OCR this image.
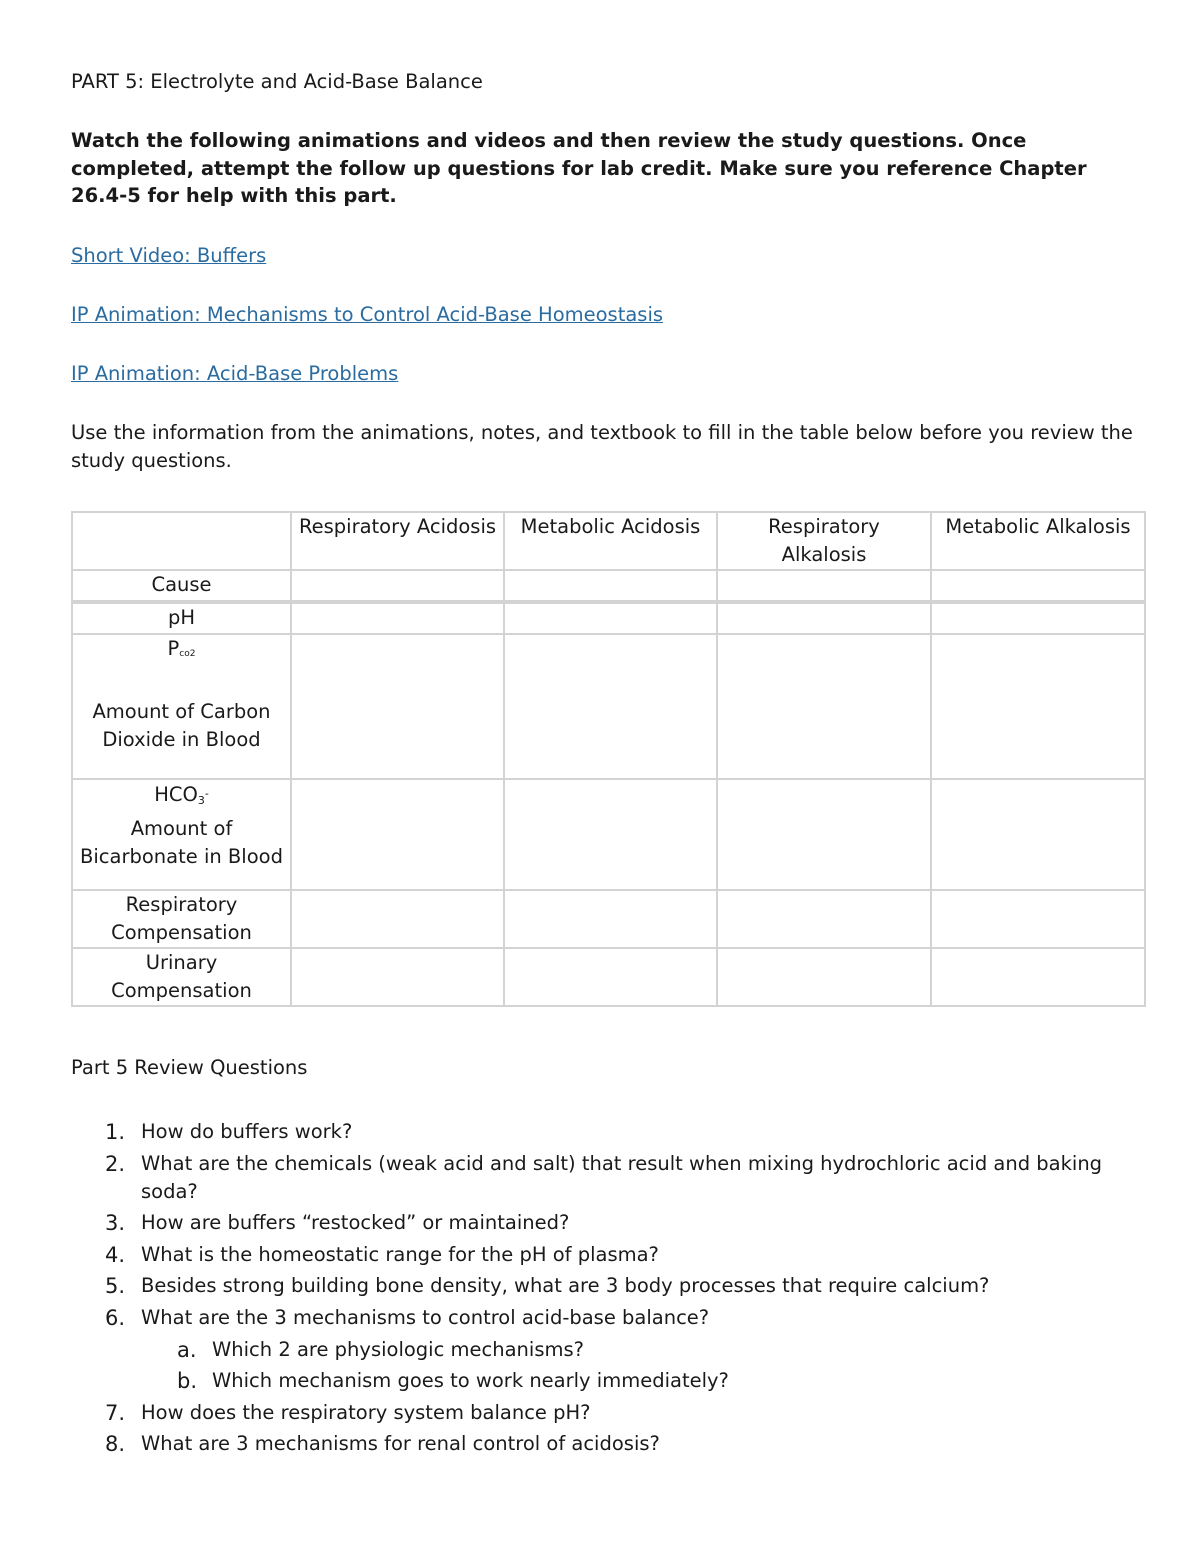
PART 5: Electrolyte and Acid-Base Balance

Watch the following animations and videos and then review the study questions. Once completed, attempt the follow up questions for lab credit. Make sure you reference Chapter 26.4-5 for help with this part.

Short Video: Buffers

IP Animation: Mechanisms to Control Acid-Base Homeostasis

IP Animation: Acid-Base Problems

Use the information from the animations, notes, and textbook to fill in the table below before you review the study questions.

	Respiratory Acidosis	Metabolic Acidosis	Respiratory Alkalosis	Metabolic Alkalosis
Cause				
pH				

Pco2
Amount of Carbon Dioxide in Blood				

HCO3-
Amount of Bicarbonate in Blood				

Respiratory Compensation				
Urinary Compensation				
Part 5 Review Questions
1. How do buffers work?
2. What are the chemicals (weak acid and salt) that result when mixing hydrochloric acid and baking soda?
3. How are buffers “restocked” or maintained?
4. What is the homeostatic range for the pH of plasma?
5. Besides strong building bone density, what are 3 body processes that require calcium?
6. What are the 3 mechanisms to control acid-base balance?
a. Which 2 are physiologic mechanisms?
b. Which mechanism goes to work nearly immediately?
7. How does the respiratory system balance pH?
8. What are 3 mechanisms for renal control of acidosis?
